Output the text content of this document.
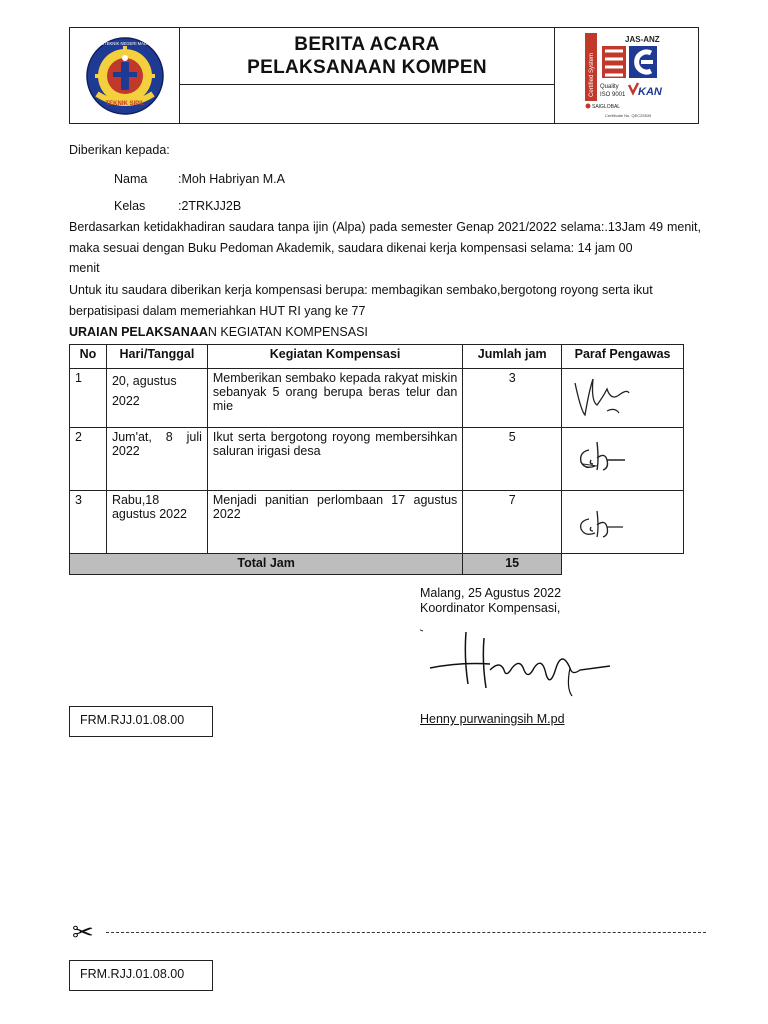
TEKNIK SIPIL
POLITEKNIK NEGERI MALANG	BERITA ACARA
PELAKSANAAN KOMPEN	Certified System
JAS-ANZ
Quality
ISO 9001 KAN
SAIGLOBAL
Certificate No. QEC25539
Diberikan kepada:
Nama :Moh Habriyan M.A
Kelas	:2TRKJJ2B
Berdasarkan ketidakhadiran saudara tanpa ijin (Alpa) pada semester Genap 2021/2022 selama:.13Jam 49 menit, maka sesuai dengan Buku Pedoman Akademik, saudara dikenai kerja kompensasi selama: 14 jam 00
menit
Untuk itu saudara diberikan kerja kompensasi berupa: membagikan sembako,bergotong royong serta ikut
berpatisipasi dalam memeriahkan HUT RI yang ke 77
URAIAN PELAKSANAAN KEGIATAN KOMPENSASI
No	Hari/Tanggal	Kegiatan Kompensasi	Jumlah jam	Paraf Pengawas
1	20, agustus 2022	Memberikan sembako kepada rakyat miskin sebanyak 5 orang berupa beras telur dan mie	3	
2	Jum'at, 8 juli 2022	Ikut serta bergotong royong membersihkan saluran irigasi desa	5	
3	Rabu,18 agustus 2022	Menjadi panitian perlombaan 17 agustus 2022	7	
Total Jam			15	
Malang, 25 Agustus 2022
Koordinator Kompensasi,
Henny purwaningsih M.pd
FRM.RJJ.01.08.00
✂
FRM.RJJ.01.08.00
